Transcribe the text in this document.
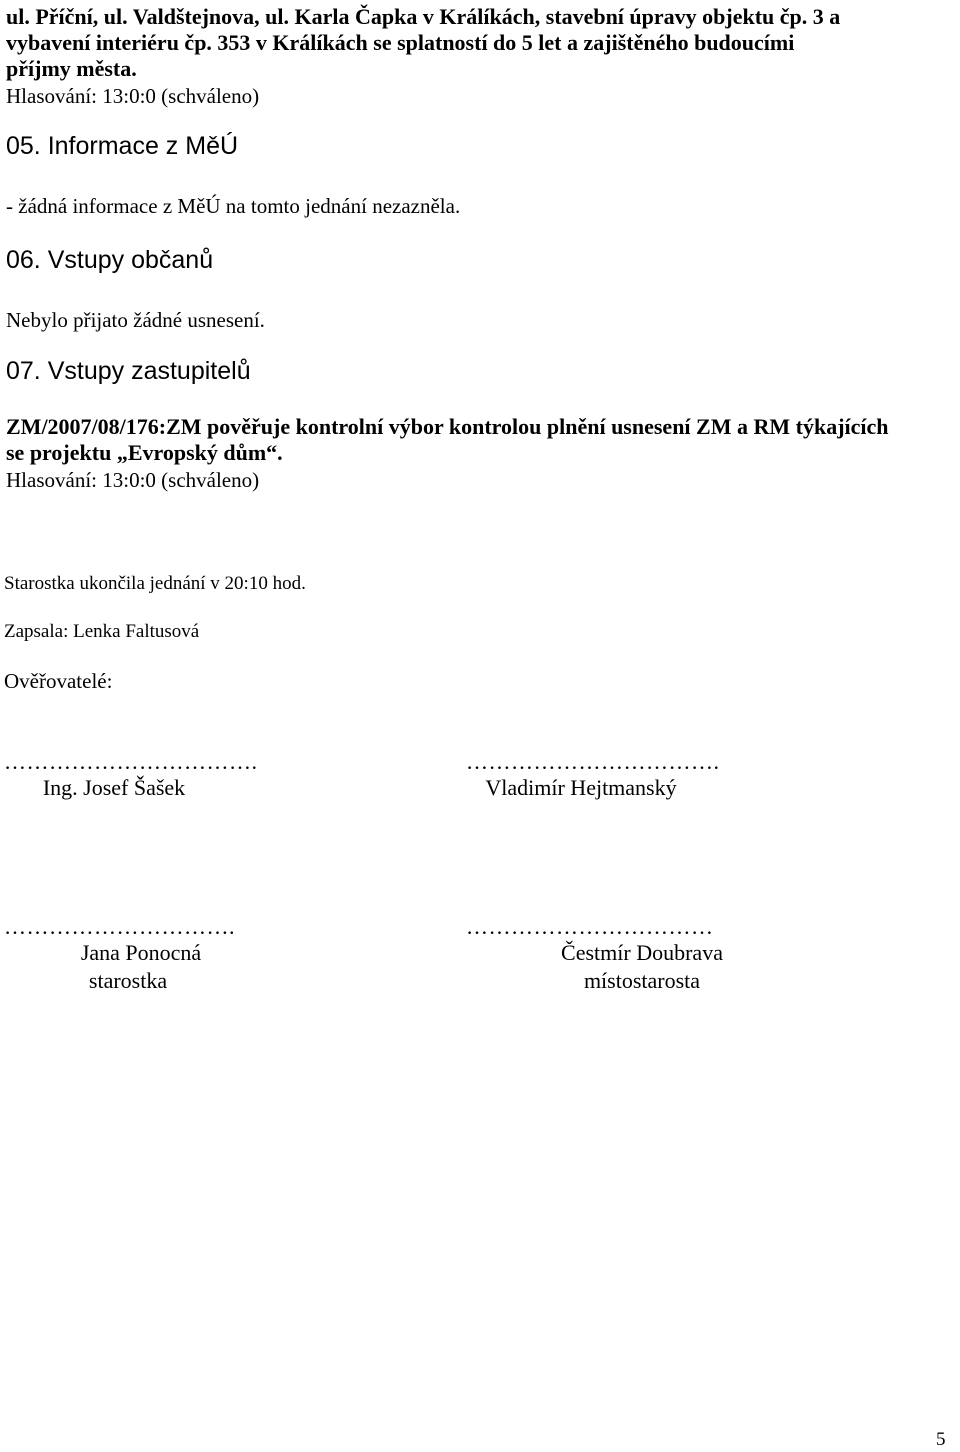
ul. Příční, ul. Valdštejnova, ul. Karla Čapka v Králíkách, stavební úpravy objektu čp. 3 a
vybavení interiéru čp. 353 v Králíkách se splatností do 5 let a zajištěného budoucími
příjmy města.
Hlasování: 13:0:0 (schváleno)
05. Informace z MěÚ
- žádná informace z MěÚ na tomto jednání nezazněla.
06. Vstupy občanů
Nebylo přijato žádné usnesení.
07. Vstupy zastupitelů
ZM/2007/08/176:ZM pověřuje kontrolní výbor kontrolou plnění usnesení ZM a RM týkajících
se projektu „Evropský dům“.
Hlasování: 13:0:0 (schváleno)
Starostka ukončila jednání v 20:10 hod.
Zapsala: Lenka Faltusová
Ověřovatelé:
…………………………….
Ing. Josef Šašek
…………………………….
Vladimír Hejtmanský
………………………….
Jana Ponocná
starostka
……………………………
Čestmír Doubrava
místostarosta
5
